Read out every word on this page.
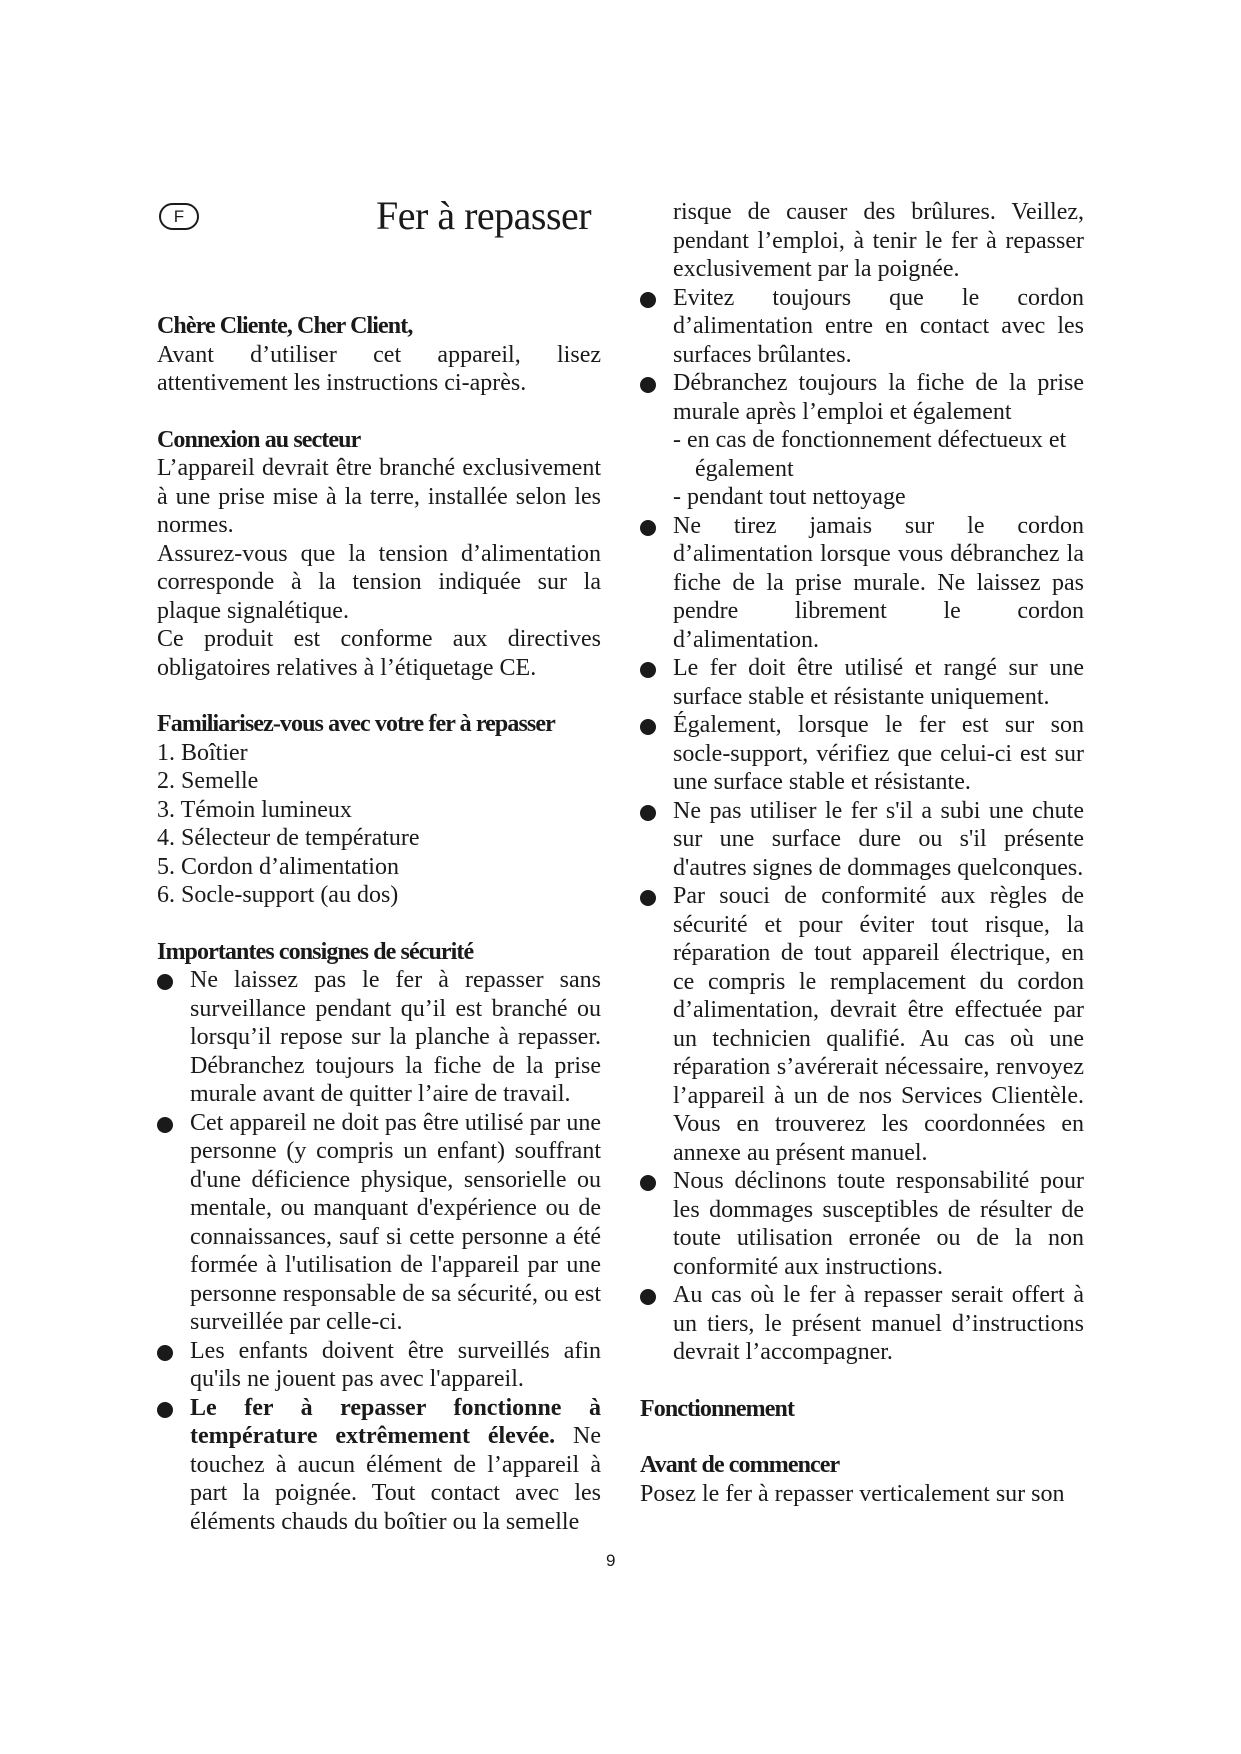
F	Fer à repasser

Chère Cliente, Cher Client,

Avant d’utiliser cet appareil, lisez attentivement les instructions ci-après.

Connexion au secteur

L’appareil devrait être branché exclusivement à une prise mise à la terre, installée selon les normes.

Assurez-vous que la tension d’alimentation corresponde à la tension indiquée sur la plaque signalétique.

Ce produit est conforme aux directives obligatoires relatives à l’étiquetage CE.

Familiarisez-vous avec votre fer à repasser

1. Boîtier
2. Semelle
3. Témoin lumineux
4. Sélecteur de température
5. Cordon d’alimentation
6. Socle-support (au dos)

Importantes consignes de sécurité

Ne laissez pas le fer à repasser sans surveillance pendant qu’il est branché ou lorsqu’il repose sur la planche à repasser. Débranchez toujours la fiche de la prise murale avant de quitter l’aire de travail.
Cet appareil ne doit pas être utilisé par une personne (y compris un enfant) souffrant d'une déficience physique, sensorielle ou mentale, ou manquant d'expérience ou de connaissances, sauf si cette personne a été formée à l'utilisation de l'appareil par une personne responsable de sa sécurité, ou est surveillée par celle-ci.
Les enfants doivent être surveillés afin qu'ils ne jouent pas avec l'appareil.
Le fer à repasser fonctionne à température extrêmement élevée. Ne touchez à aucun élément de l’appareil à part la poignée. Tout contact avec les éléments chauds du boîtier ou la semelle
risque de causer des brûlures. Veillez, pendant l’emploi, à tenir le fer à repasser exclusivement par la poignée.
Evitez toujours que le cordon d’alimentation entre en contact avec les surfaces brûlantes.
Débranchez toujours la fiche de la prise murale après l’emploi et également
- en cas de fonctionnement défectueux et
également
- pendant tout nettoyage
Ne tirez jamais sur le cordon d’alimentation lorsque vous débranchez la fiche de la prise murale. Ne laissez pas pendre librement le cordon d’alimentation.
Le fer doit être utilisé et rangé sur une surface stable et résistante uniquement.
Également, lorsque le fer est sur son socle-support, vérifiez que celui-ci est sur une surface stable et résistante.
Ne pas utiliser le fer s'il a subi une chute sur une surface dure ou s'il présente d'autres signes de dommages quelconques.
Par souci de conformité aux règles de sécurité et pour éviter tout risque, la réparation de tout appareil électrique, en ce compris le remplacement du cordon d’alimentation, devrait être effectuée par un technicien qualifié. Au cas où une réparation s’avérerait nécessaire, renvoyez l’appareil à un de nos Services Clientèle. Vous en trouverez les coordonnées en annexe au présent manuel.
Nous déclinons toute responsabilité pour les dommages susceptibles de résulter de toute utilisation erronée ou de la non conformité aux instructions.
Au cas où le fer à repasser serait offert à un tiers, le présent manuel d’instructions devrait l’accompagner.

Fonctionnement

Avant de commencer

Posez le fer à repasser verticalement sur son

9
